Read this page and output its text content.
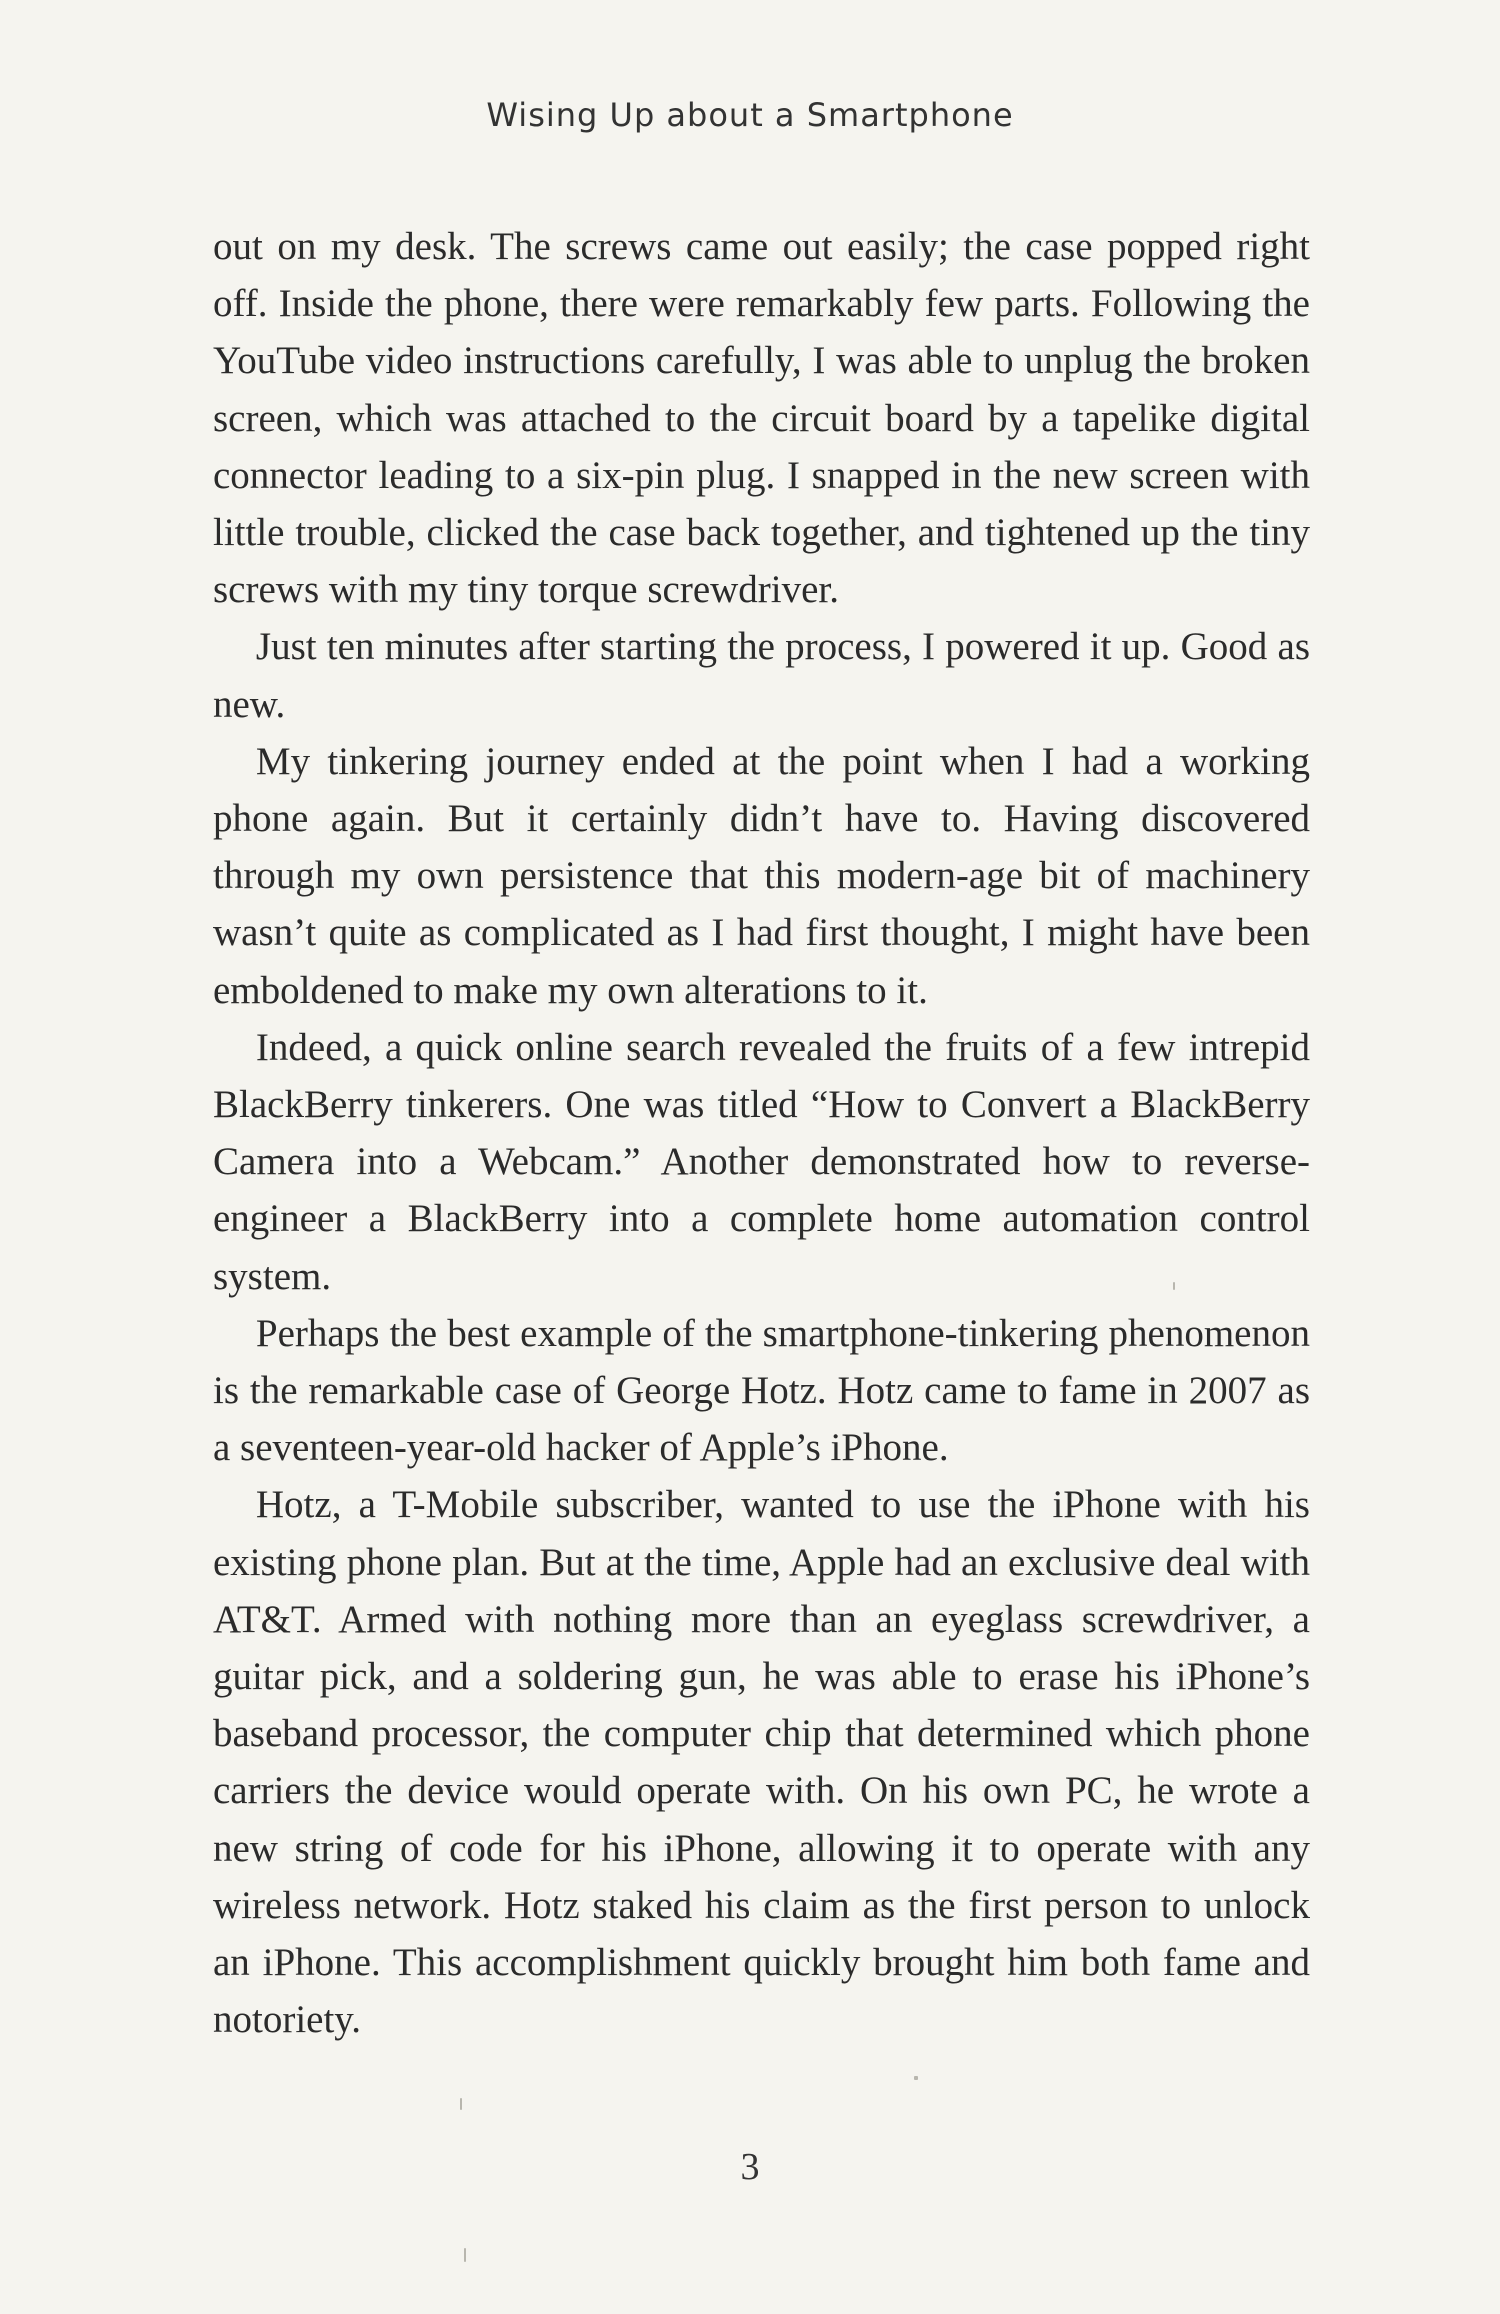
Wising Up about a Smartphone

out on my desk. The screws came out easily; the case popped right off. Inside the phone, there were remarkably few parts. Following the YouTube video instructions carefully, I was able to unplug the broken screen, which was attached to the circuit board by a tapelike digital connector leading to a six-pin plug. I snapped in the new screen with little trouble, clicked the case back together, and tightened up the tiny screws with my tiny torque screwdriver.

Just ten minutes after starting the process, I powered it up. Good as new.

My tinkering journey ended at the point when I had a working phone again. But it certainly didn’t have to. Having discovered through my own persistence that this modern-age bit of machinery wasn’t quite as complicated as I had first thought, I might have been emboldened to make my own alterations to it.

Indeed, a quick online search revealed the fruits of a few intrepid BlackBerry tinkerers. One was titled “How to Convert a BlackBerry Camera into a Webcam.” Another demonstrated how to reverse-engineer a BlackBerry into a complete home automation control system.

Perhaps the best example of the smartphone-tinkering phenomenon is the remarkable case of George Hotz. Hotz came to fame in 2007 as a seventeen-year-old hacker of Apple’s iPhone.

Hotz, a T-Mobile subscriber, wanted to use the iPhone with his existing phone plan. But at the time, Apple had an exclusive deal with AT&T. Armed with nothing more than an eyeglass screwdriver, a guitar pick, and a soldering gun, he was able to erase his iPhone’s baseband processor, the computer chip that determined which phone carriers the device would operate with. On his own PC, he wrote a new string of code for his iPhone, allowing it to operate with any wireless network. Hotz staked his claim as the first person to unlock an iPhone. This accomplishment quickly brought him both fame and notoriety.

3
